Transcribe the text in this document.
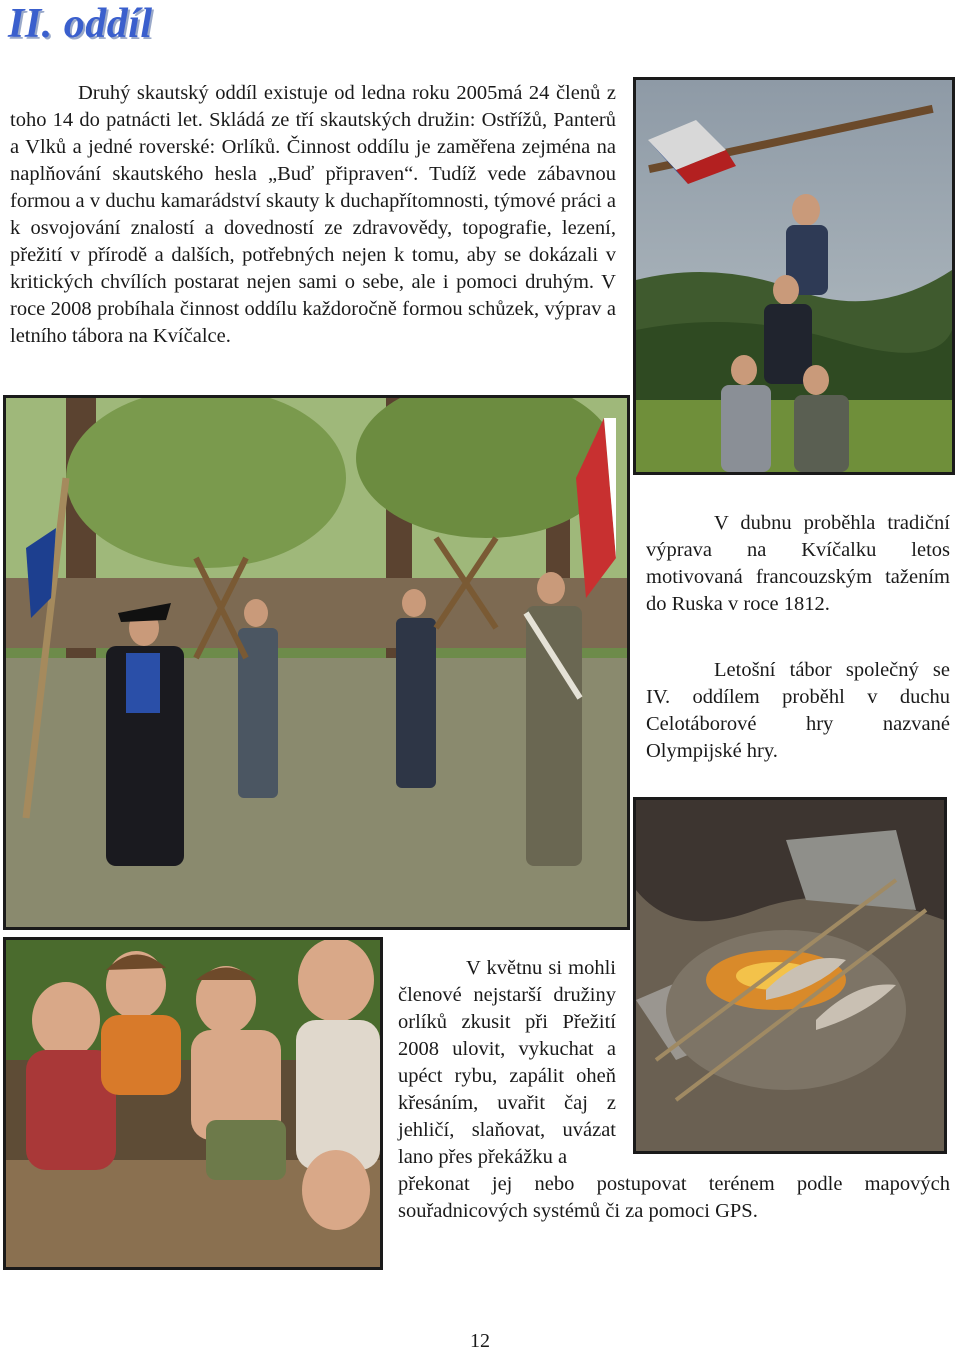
II. oddíl

Druhý skautský oddíl existuje od ledna roku 2005má 24 členů z toho 14 do patnácti let. Skládá ze tří skautských družin: Ostřížů, Panterů a Vlků a jedné roverské: Orlíků. Činnost oddílu je zaměřena zejména na naplňování skautského hesla „Buď připraven“. Tudíž vede zábavnou formou a v duchu kamarádství skauty k duchapřítomnosti, týmové práci a k osvojování znalostí a dovedností ze zdravovědy, topografie, lezení, přežití v přírodě a dalších, potřebných nejen k tomu, aby se dokázali v kritických chvílích postarat nejen sami o sebe, ale i pomoci druhým. V roce 2008 probíhala činnost oddílu každoročně formou schůzek, výprav a letního tábora na Kvíčalce.

V dubnu proběhla tradiční výprava na Kvíčalku letos motivovaná francouzským tažením do Ruska v roce 1812.

Letošní tábor společný se IV. oddílem proběhl v duchu Celotáborové hry nazvané Olympijské hry.

V květnu si mohli členové nejstarší družiny orlíků zkusit při Přežití 2008 ulovit, vykuchat a upéct rybu, zapálit oheň křesáním, uvařit čaj z jehličí, slaňovat, uvázat lano přes překážku a
překonat jej nebo postupovat terénem podle mapových souřadnicových systémů či za pomoci GPS.
12
